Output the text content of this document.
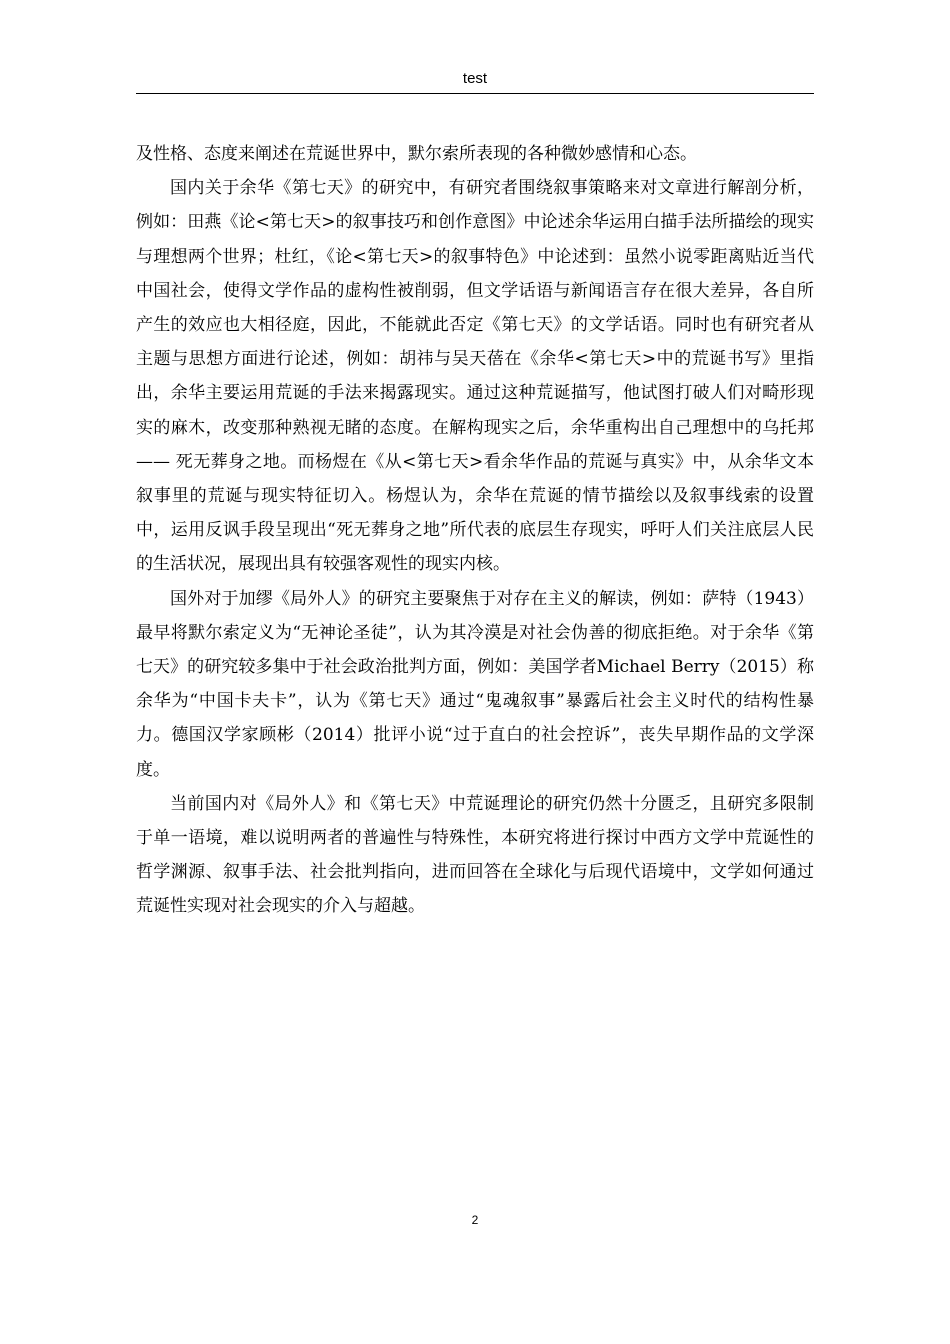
test

及性格、态度来阐述在荒诞世界中，默尔索所表现的各种微妙感情和心态。

国内关于余华《第七天》的研究中，有研究者围绕叙事策略来对文章进行解剖分析，例如：田燕《论<第七天>的叙事技巧和创作意图》中论述余华运用白描手法所描绘的现实与理想两个世界；杜红，《论<第七天>的叙事特色》中论述到：虽然小说零距离贴近当代中国社会，使得文学作品的虚构性被削弱，但文学话语与新闻语言存在很大差异，各自所产生的效应也大相径庭，因此，不能就此否定《第七天》的文学话语。同时也有研究者从主题与思想方面进行论述，例如：胡祎与吴天蓓在《余华<第七天>中的荒诞书写》里指出，余华主要运用荒诞的手法来揭露现实。通过这种荒诞描写，他试图打破人们对畸形现实的麻木，改变那种熟视无睹的态度。在解构现实之后，余华重构出自己理想中的乌托邦 —— 死无葬身之地。而杨煜在《从<第七天>看余华作品的荒诞与真实》中，从余华文本叙事里的荒诞与现实特征切入。杨煜认为，余华在荒诞的情节描绘以及叙事线索的设置中，运用反讽手段呈现出“死无葬身之地”所代表的底层生存现实，呼吁人们关注底层人民的生活状况，展现出具有较强客观性的现实内核。

国外对于加缪《局外人》的研究主要聚焦于对存在主义的解读，例如：萨特（1943）最早将默尔索定义为“无神论圣徒”，认为其冷漠是对社会伪善的彻底拒绝。对于余华《第七天》的研究较多集中于社会政治批判方面，例如：美国学者Michael Berry（2015）称余华为“中国卡夫卡”，认为《第七天》通过“鬼魂叙事”暴露后社会主义时代的结构性暴力。德国汉学家顾彬（2014）批评小说“过于直白的社会控诉”，丧失早期作品的文学深度。

当前国内对《局外人》和《第七天》中荒诞理论的研究仍然十分匮乏，且研究多限制于单一语境，难以说明两者的普遍性与特殊性，本研究将进行探讨中西方文学中荒诞性的哲学渊源、叙事手法、社会批判指向，进而回答在全球化与后现代语境中，文学如何通过荒诞性实现对社会现实的介入与超越。

2
